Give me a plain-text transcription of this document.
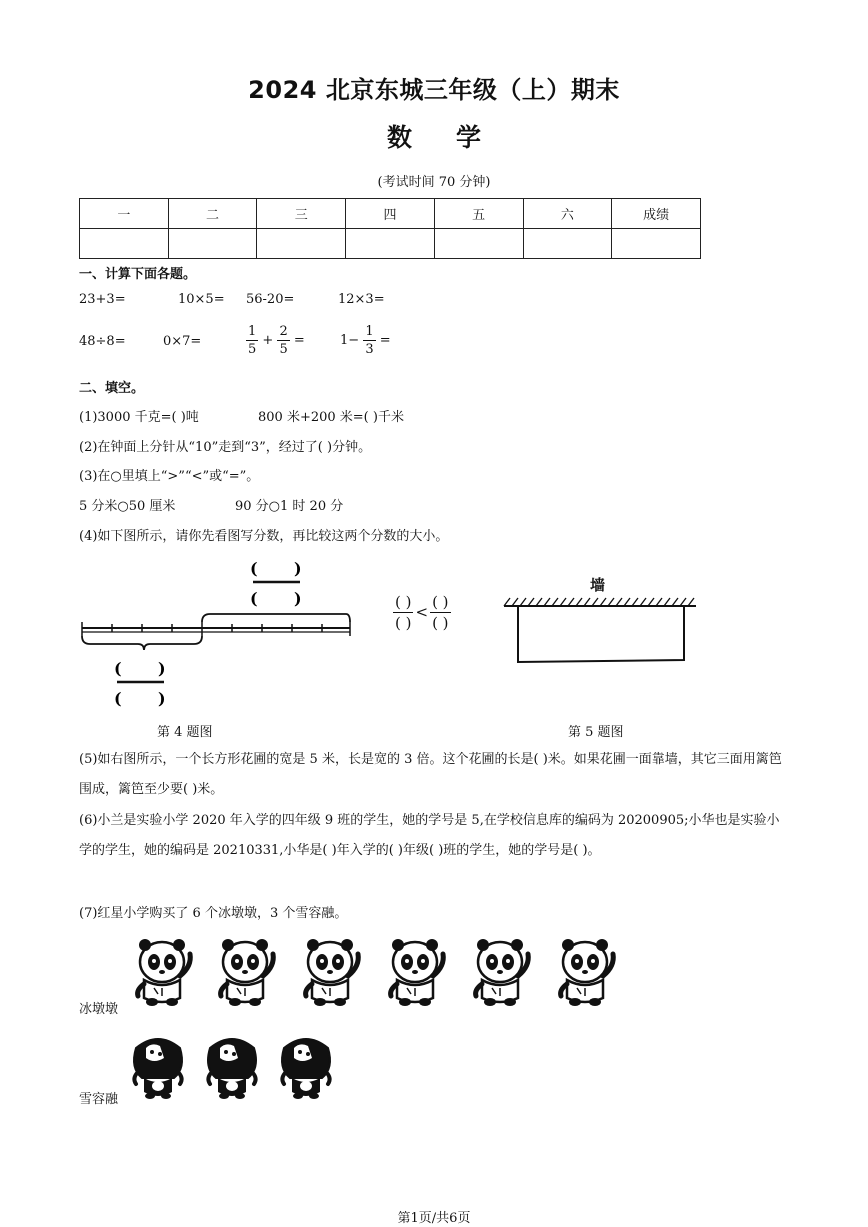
2024 北京东城三年级（上）期末
数 学
(考试时间 70 分钟)
一	二	三	四	五	六	成绩

一、计算下面各题。
23+3=	10×5= 56-20=	12×3=
48÷8=	0×7=	$\frac{1}{5} + \frac{2}{5}$ =	$1- \frac{1}{3}$ =
二、填空。
(1)3000 千克=( )吨	800 米+200 米=( )千米
(2)在钟面上分针从“10”走到“3”，经过了( )分钟。
(3)在○里填上“>”“<”或“=”。
5 分米○50 厘米	90 分○1 时 20 分
(4)如下图所示，请你先看图写分数，再比较这两个分数的大小。
( )
( )
( )
( )
$\frac{( )}{( )} < \frac{( )}{( )}$
墙
第 4 题图	第 5 题图
(5)如右图所示，一个长方形花圃的宽是 5 米，长是宽的 3 倍。这个花圃的长是( )米。如果花圃一面靠墙，其它三面用篱笆围成，篱笆至少要( )米。
(6)小兰是实验小学 2020 年入学的四年级 9 班的学生，她的学号是 5,在学校信息库的编码为 20200905;小华也是实验小学的学生，她的编码是 20210331,小华是( )年入学的( )年级( )班的学生，她的学号是( )。
(7)红星小学购买了 6 个冰墩墩，3 个雪容融。
冰墩墩
雪容融
第1页/共6页
